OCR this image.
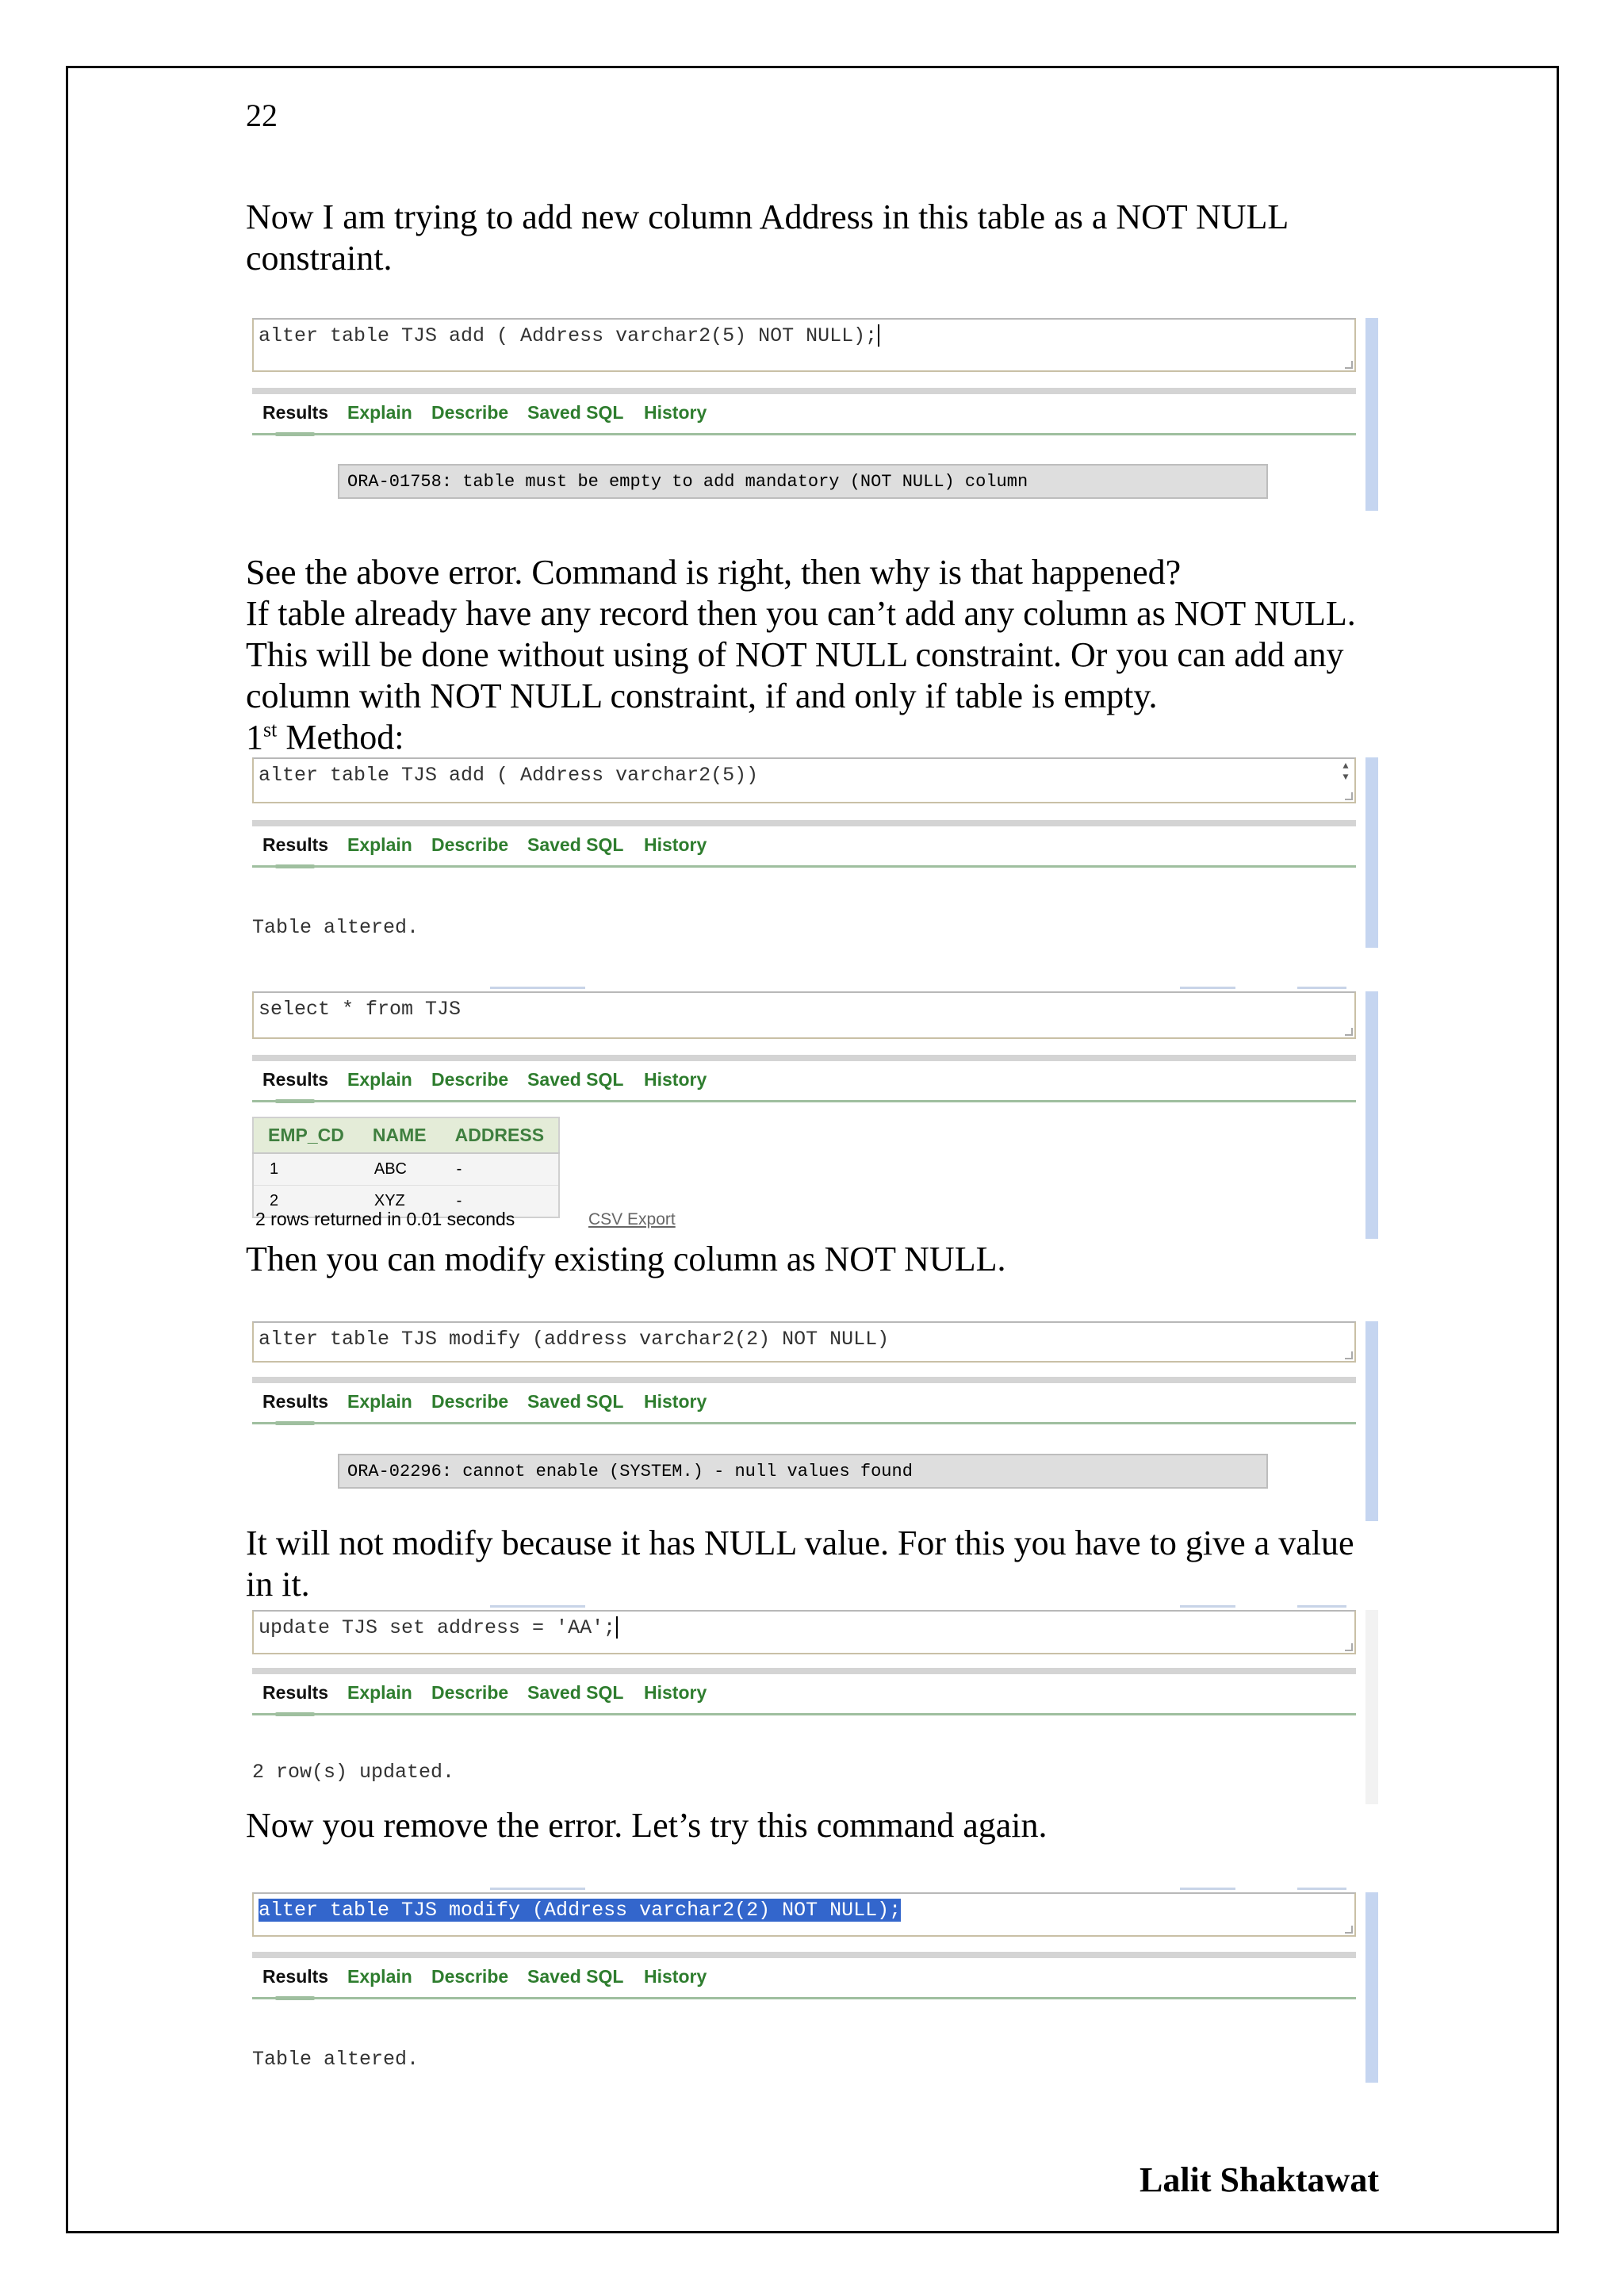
22

Now I am trying to add new column Address in this table as a NOT NULL
constraint.

alter table TJS add ( Address varchar2(5) NOT NULL);
Results Explain Describe Saved SQL History
ORA-01758: table must be empty to add mandatory (NOT NULL) column

See the above error. Command is right, then why is that happened?
If table already have any record then you can’t add any column as NOT NULL.
This will be done without using of NOT NULL constraint. Or you can add any
column with NOT NULL constraint, if and only if table is empty.
1st Method:

alter table TJS add ( Address varchar2(5))	▲
▼
Results Explain Describe Saved SQL History
Table altered.
select * from TJS
Results Explain Describe Saved SQL History
EMP_CD	NAME	ADDRESS
1	ABC	-
2	XYZ	-
2 rows returned in 0.01 seconds	CSV Export

Then you can modify existing column as NOT NULL.

alter table TJS modify (address varchar2(2) NOT NULL)
Results Explain Describe Saved SQL History
ORA-02296: cannot enable (SYSTEM.) - null values found

It will not modify because it has NULL value. For this you have to give a value
in it.

update TJS set address = 'AA';
Results Explain Describe Saved SQL History
2 row(s) updated.

Now you remove the error. Let’s try this command again.

alter table TJS modify (Address varchar2(2) NOT NULL);
Results Explain Describe Saved SQL History
Table altered.
Lalit Shaktawat
